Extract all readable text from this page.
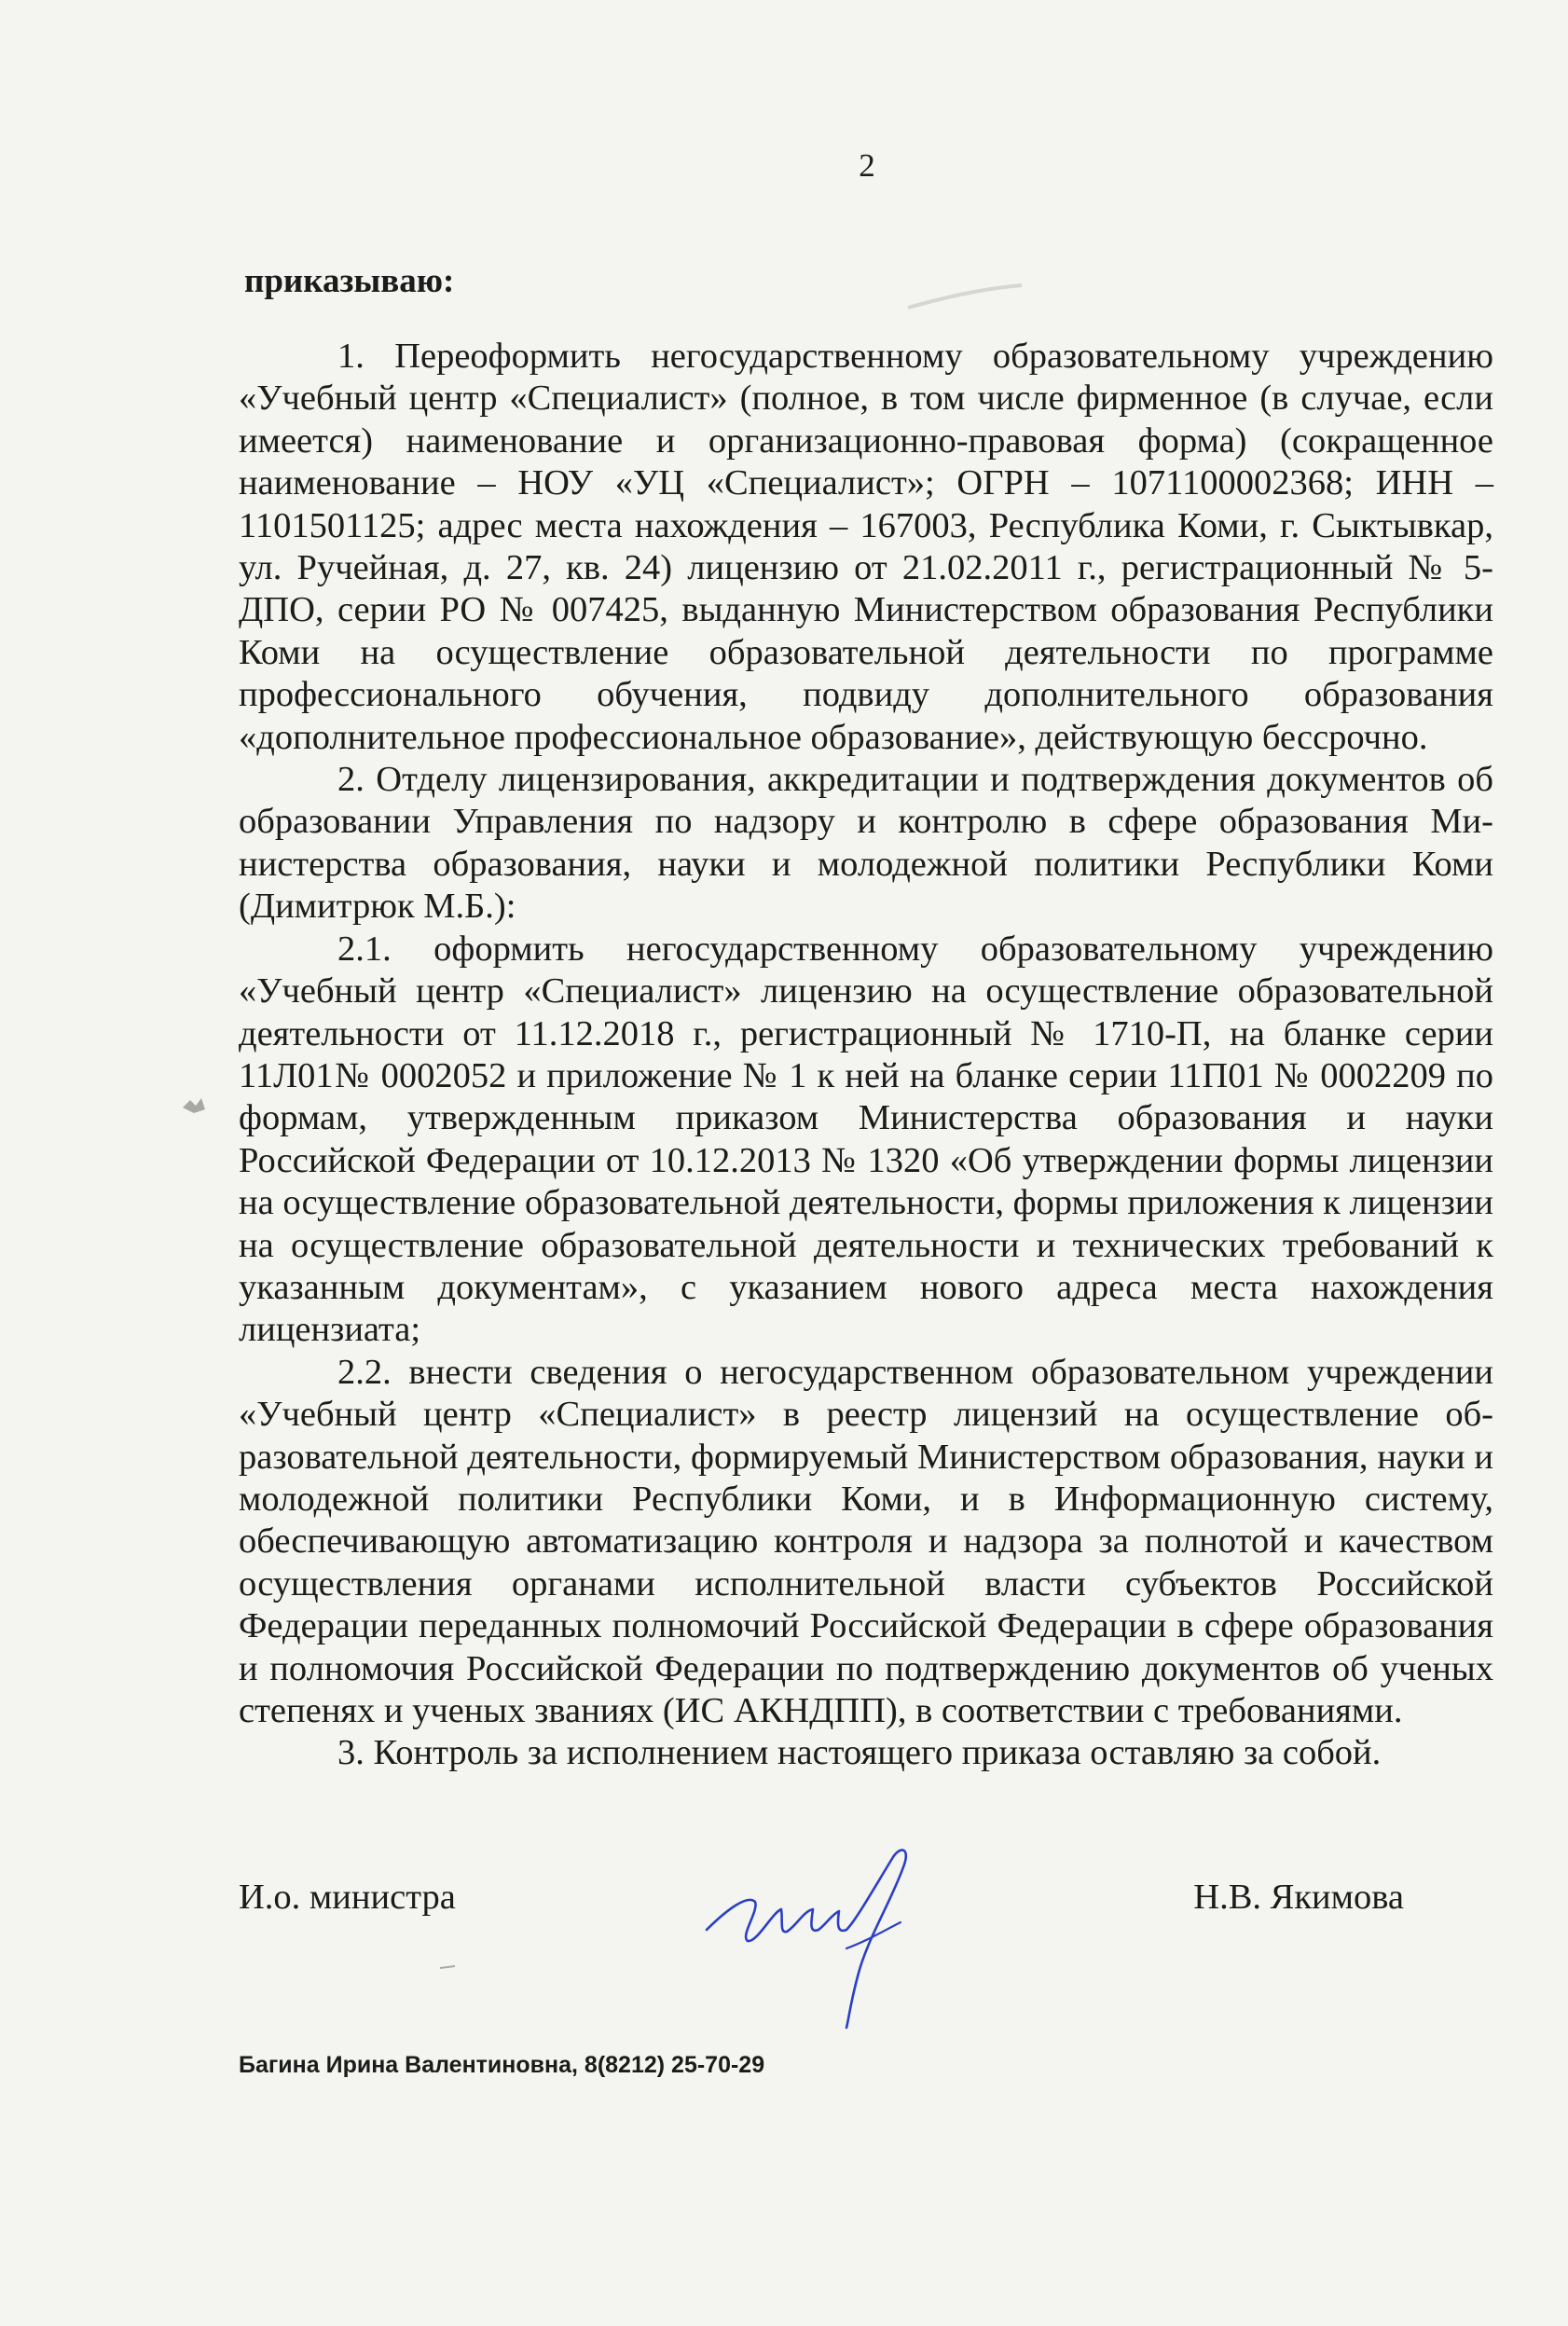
2
приказываю:

1. Переоформить негосударственному образовательному учреждению «Учебный центр «Специалист» (полное, в том числе фирменное (в случае, если имеется) наименование и организационно-правовая форма) (сокращенное наименование – НОУ «УЦ «Специалист»; ОГРН – 1071100002368; ИНН – 1101501125; адрес места нахождения – 167003, Республика Коми, г. Сыктывкар, ул. Ручейная, д. 27, кв. 24) лицензию от 21.02.2011 г., регистрационный № 5-ДПО, серии РО № 007425, выданную Министерством образования Республики Коми на осуществление образовательной деятельности по программе профессионального обучения, подвиду дополнительного образования «дополнительное профессиональное образование», действующую бессрочно.

2. Отделу лицензирования, аккредитации и подтверждения документов об образовании Управления по надзору и контролю в сфере образования Министерства образования, науки и молодежной политики Республики Коми (Димитрюк М.Б.):

2.1. оформить негосударственному образовательному учреждению «Учебный центр «Специалист» лицензию на осуществление образовательной деятельности от 11.12.2018 г., регистрационный № 1710-П, на бланке серии 11Л01№ 0002052 и приложение № 1 к ней на бланке серии 11П01 № 0002209 по формам, утвержденным приказом Министерства образования и науки Российской Федерации от 10.12.2013 № 1320 «Об утверждении формы лицензии на осуществление образовательной деятельности, формы приложения к лицензии на осуществление образовательной деятельности и технических требований к указанным документам», с указанием нового адреса места нахождения лицензиата;

2.2. внести сведения о негосударственном образовательном учреждении «Учебный центр «Специалист» в реестр лицензий на осуществление образовательной деятельности, формируемый Министерством образования, науки и молодежной политики Республики Коми, и в Информационную систему, обеспечивающую автоматизацию контроля и надзора за полнотой и качеством осуществления органами исполнительной власти субъектов Российской Федерации переданных полномочий Российской Федерации в сфере образования и полномочия Российской Федерации по подтверждению документов об ученых степенях и ученых званиях (ИС АКНДПП), в соответствии с требованиями.

3. Контроль за исполнением настоящего приказа оставляю за собой.

И.о. министра	Н.В. Якимова
Багина Ирина Валентиновна, 8(8212) 25-70-29
